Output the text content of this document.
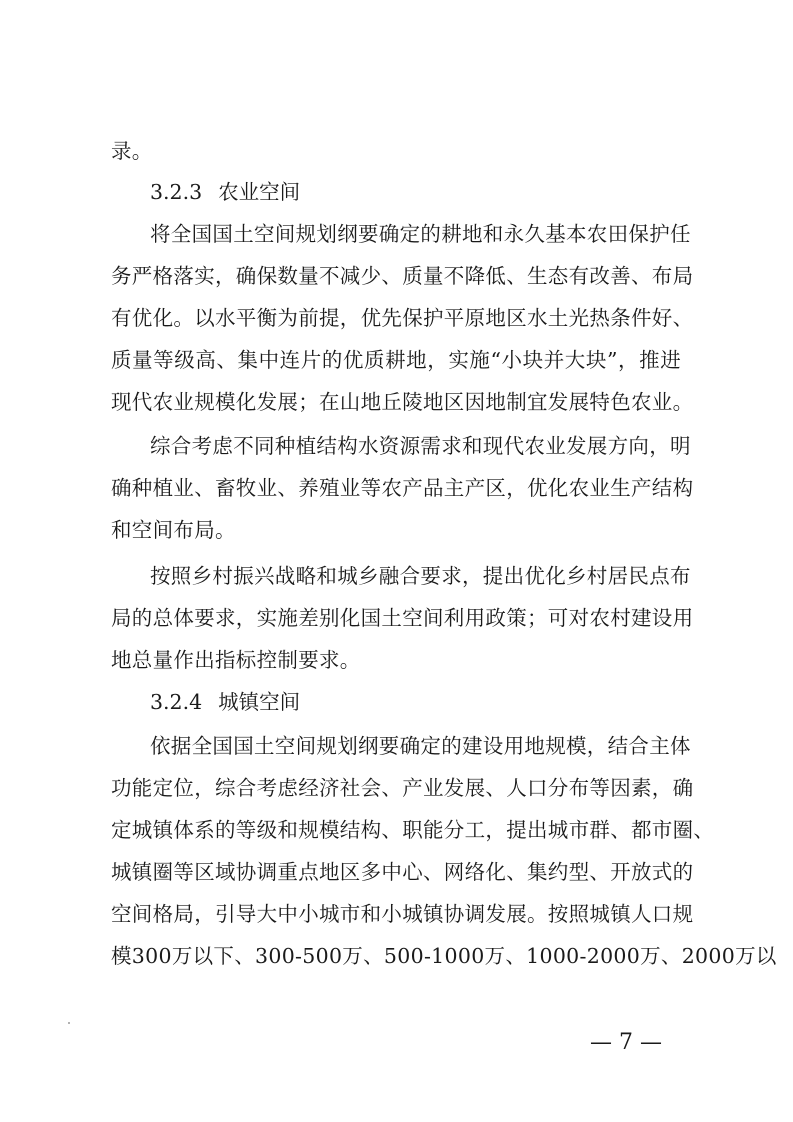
录。
3.2.3 农业空间
将全国国土空间规划纲要确定的耕地和永久基本农田保护任
务严格落实，确保数量不减少、质量不降低、生态有改善、布局
有优化。以水平衡为前提，优先保护平原地区水土光热条件好、
质量等级高、集中连片的优质耕地，实施“小块并大块”，推进
现代农业规模化发展；在山地丘陵地区因地制宜发展特色农业。
综合考虑不同种植结构水资源需求和现代农业发展方向，明
确种植业、畜牧业、养殖业等农产品主产区，优化农业生产结构
和空间布局。
按照乡村振兴战略和城乡融合要求，提出优化乡村居民点布
局的总体要求，实施差别化国土空间利用政策；可对农村建设用
地总量作出指标控制要求。
3.2.4 城镇空间
依据全国国土空间规划纲要确定的建设用地规模，结合主体
功能定位，综合考虑经济社会、产业发展、人口分布等因素，确
定城镇体系的等级和规模结构、职能分工，提出城市群、都市圈、
城镇圈等区域协调重点地区多中心、网络化、集约型、开放式的
空间格局，引导大中小城市和小城镇协调发展。按照城镇人口规
模300万以下、300-500万、500-1000万、1000-2000万、2000万以
— 7 —
